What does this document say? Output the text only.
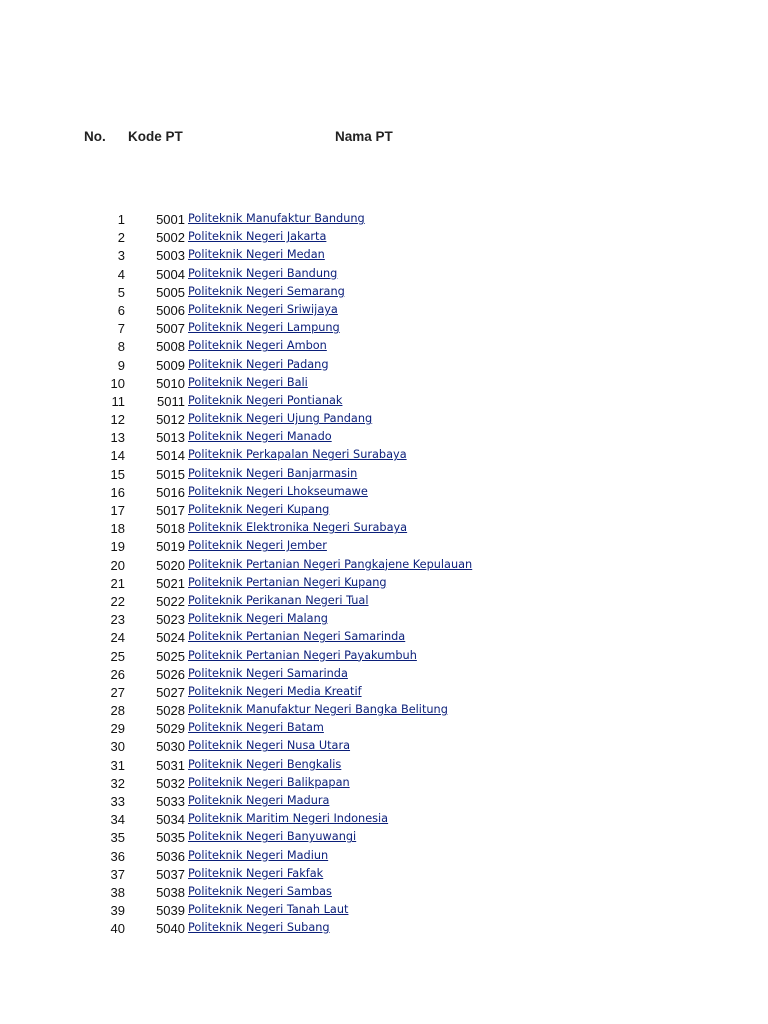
No. Kode PT	Nama PT
1 5001 Politeknik Manufaktur Bandung
2 5002 Politeknik Negeri Jakarta
3 5003 Politeknik Negeri Medan
4 5004 Politeknik Negeri Bandung
5 5005 Politeknik Negeri Semarang
6 5006 Politeknik Negeri Sriwijaya
7 5007 Politeknik Negeri Lampung
8 5008 Politeknik Negeri Ambon
9 5009 Politeknik Negeri Padang
10 5010 Politeknik Negeri Bali
11 5011 Politeknik Negeri Pontianak
12 5012 Politeknik Negeri Ujung Pandang
13 5013 Politeknik Negeri Manado
14 5014 Politeknik Perkapalan Negeri Surabaya
15 5015 Politeknik Negeri Banjarmasin
16 5016 Politeknik Negeri Lhokseumawe
17 5017 Politeknik Negeri Kupang
18 5018 Politeknik Elektronika Negeri Surabaya
19 5019 Politeknik Negeri Jember
20 5020 Politeknik Pertanian Negeri Pangkajene Kepulauan
21 5021 Politeknik Pertanian Negeri Kupang
22 5022 Politeknik Perikanan Negeri Tual
23 5023 Politeknik Negeri Malang
24 5024 Politeknik Pertanian Negeri Samarinda
25 5025 Politeknik Pertanian Negeri Payakumbuh
26 5026 Politeknik Negeri Samarinda
27 5027 Politeknik Negeri Media Kreatif
28 5028 Politeknik Manufaktur Negeri Bangka Belitung
29 5029 Politeknik Negeri Batam
30 5030 Politeknik Negeri Nusa Utara
31 5031 Politeknik Negeri Bengkalis
32 5032 Politeknik Negeri Balikpapan
33 5033 Politeknik Negeri Madura
34 5034 Politeknik Maritim Negeri Indonesia
35 5035 Politeknik Negeri Banyuwangi
36 5036 Politeknik Negeri Madiun
37 5037 Politeknik Negeri Fakfak
38 5038 Politeknik Negeri Sambas
39 5039 Politeknik Negeri Tanah Laut
40 5040 Politeknik Negeri Subang
